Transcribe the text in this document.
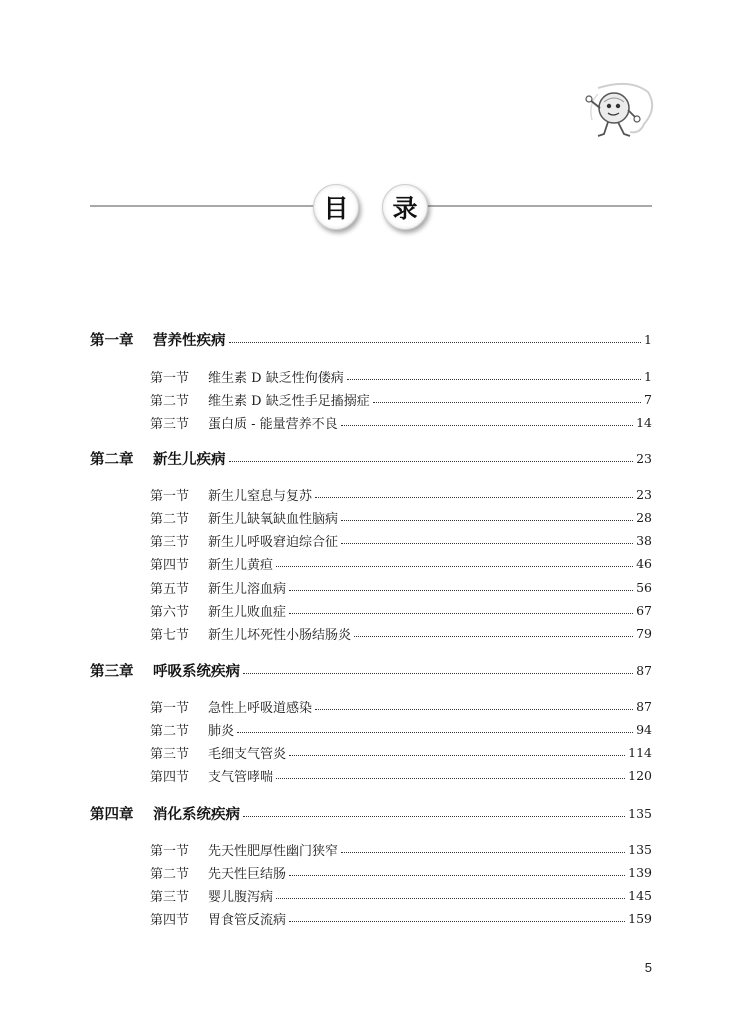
目	录
第一章	营养性疾病	1
第一节	维生素 D 缺乏性佝偻病	1
第二节	维生素 D 缺乏性手足搐搦症	7
第三节	蛋白质 - 能量营养不良	14
第二章	新生儿疾病	23
第一节	新生儿窒息与复苏	23
第二节	新生儿缺氧缺血性脑病	28
第三节	新生儿呼吸窘迫综合征	38
第四节	新生儿黄疸	46
第五节	新生儿溶血病	56
第六节	新生儿败血症	67
第七节	新生儿坏死性小肠结肠炎	79
第三章	呼吸系统疾病	87
第一节	急性上呼吸道感染	87
第二节	肺炎	94
第三节	毛细支气管炎	114
第四节	支气管哮喘	120
第四章	消化系统疾病	135
第一节	先天性肥厚性幽门狭窄	135
第二节	先天性巨结肠	139
第三节	婴儿腹泻病	145
第四节	胃食管反流病	159
5
